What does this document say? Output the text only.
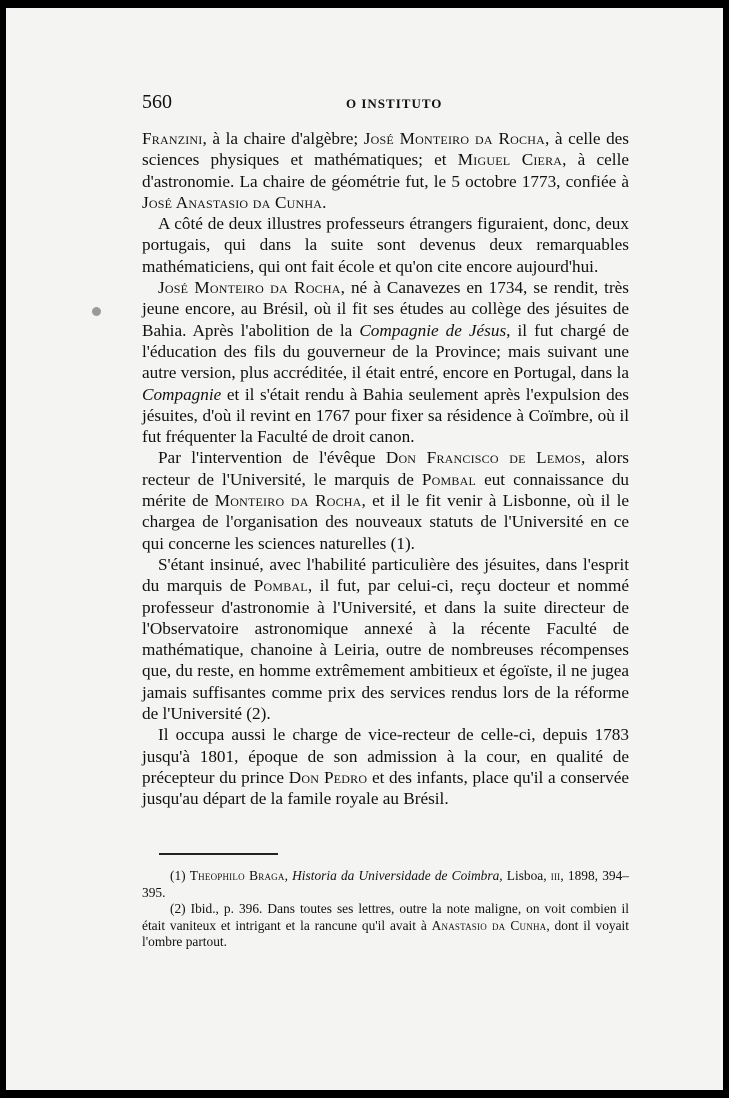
560	O INSTITUTO

Franzini, à la chaire d'algèbre; José Monteiro da Rocha, à celle des sciences physiques et mathématiques; et Miguel Ciera, à celle d'astronomie. La chaire de géométrie fut, le 5 octobre 1773, confiée à José Anastasio da Cunha.

A côté de deux illustres professeurs étrangers figuraient, donc, deux portugais, qui dans la suite sont devenus deux remarquables mathématiciens, qui ont fait école et qu'on cite encore aujourd'hui.

José Monteiro da Rocha, né à Canavezes en 1734, se rendit, très jeune encore, au Brésil, où il fit ses études au collège des jésuites de Bahia. Après l'abolition de la Compagnie de Jésus, il fut chargé de l'éducation des fils du gouverneur de la Province; mais suivant une autre version, plus accréditée, il était entré, encore en Portugal, dans la Compagnie et il s'était rendu à Bahia seulement après l'expulsion des jésuites, d'où il revint en 1767 pour fixer sa résidence à Coïmbre, où il fut fréquenter la Faculté de droit canon.

Par l'intervention de l'évêque Don Francisco de Lemos, alors recteur de l'Université, le marquis de Pombal eut connaissance du mérite de Monteiro da Rocha, et il le fit venir à Lisbonne, où il le chargea de l'organisation des nouveaux statuts de l'Université en ce qui concerne les sciences naturelles (1).

S'étant insinué, avec l'habilité particulière des jésuites, dans l'esprit du marquis de Pombal, il fut, par celui-ci, reçu docteur et nommé professeur d'astronomie à l'Université, et dans la suite directeur de l'Observatoire astronomique annexé à la récente Faculté de mathématique, chanoine à Leiria, outre de nombreuses récompenses que, du reste, en homme extrêmement ambitieux et égoïste, il ne jugea jamais suffisantes comme prix des services rendus lors de la réforme de l'Université (2).

Il occupa aussi le charge de vice-recteur de celle-ci, depuis 1783 jusqu'à 1801, époque de son admission à la cour, en qualité de précepteur du prince Don Pedro et des infants, place qu'il a conservée jusqu'au départ de la famile royale au Brésil.

(1) Theophilo Braga, Historia da Universidade de Coimbra, Lisboa, iii, 1898, 394–395.

(2) Ibid., p. 396. Dans toutes ses lettres, outre la note maligne, on voit combien il était vaniteux et intrigant et la rancune qu'il avait à Anastasio da Cunha, dont il voyait l'ombre partout.
